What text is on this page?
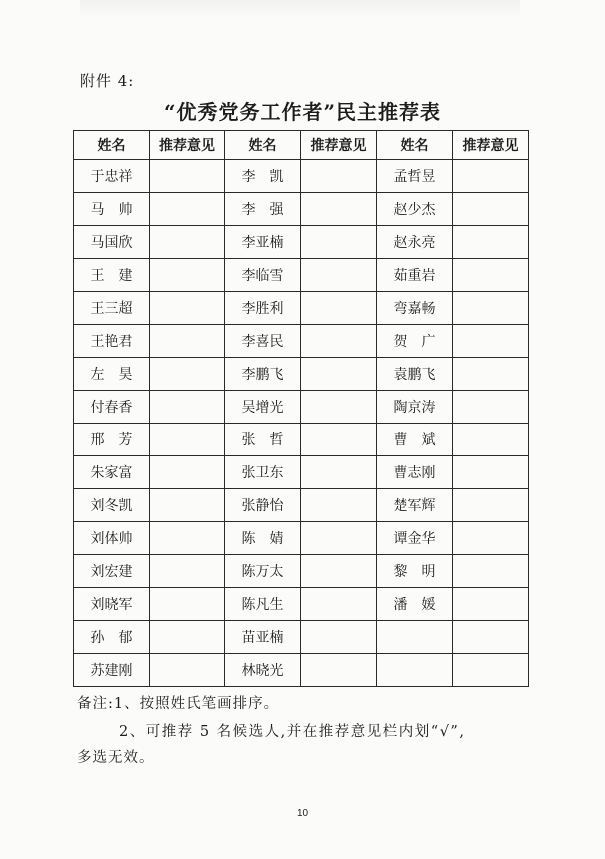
附件 4:
“优秀党务工作者”民主推荐表
姓名	推荐意见	姓名	推荐意见	姓名	推荐意见
于忠祥		李　凯		孟哲昱	
马　帅		李　强		赵少杰	
马国欣		李亚楠		赵永亮	
王　建		李临雪		茹重岩	
王三超		李胜利		弯嘉畅	
王艳君		李喜民		贺　广	
左　昊		李鹏飞		袁鹏飞	
付春香		吴增光		陶京涛	
邢　芳		张　哲		曹　斌	
朱家富		张卫东		曹志刚	
刘冬凯		张静怡		楚军辉	
刘体帅		陈　婧		谭金华	
刘宏建		陈万太		黎　明	
刘晓军		陈凡生		潘　媛	
孙　郁		苗亚楠			
苏建刚		林晓光			
备注:1、按照姓氏笔画排序。
2、可推荐 5 名候选人,并在推荐意见栏内划“√”,
多选无效。
10
